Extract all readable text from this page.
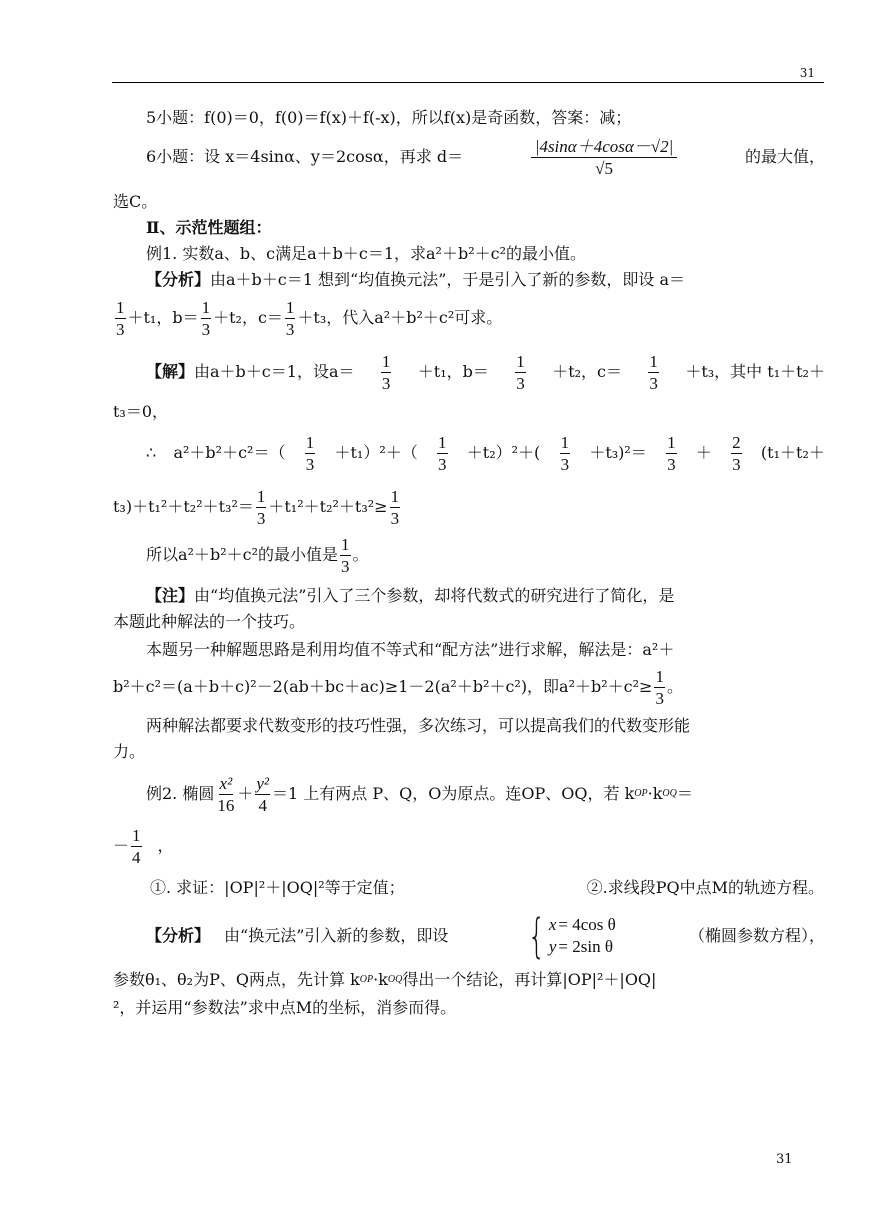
31
5小题：f(0)＝0，f(0)＝f(x)＋f(-x)，所以f(x)是奇函数，答案：减；
6小题：设 x＝4sinα、y＝2cosα，再求 d＝	$\frac{|4\sin\alpha+4\cos\alpha-√2|}{√5}$	的最大值，
选C。
Ⅱ、示范性题组：
例1. 实数a、b、c满足a＋b＋c＝1，求a²＋b²＋c²的最小值。
【分析】由a＋b＋c＝1 想到“均值换元法”，于是引入了新的参数，即设 a＝
$\frac{1}{3} +t_1$，$b= \frac{1}{3} +t_2$，$c= \frac{1}{3} +t_3$，代入a²＋b²＋c²可求。
【解】 由a＋b＋c＝1，设$a= \frac{1}{3} +t_1$，$b= \frac{1}{3} +t_2$，$c= \frac{1}{3} +t_3$，其中 t₁＋t₂＋
t₃＝0，
∴ $a^2+b^2+c^2=( \frac{1}{3} +t_1)^2+( \frac{1}{3} +t_2)^2+( \frac{1}{3} +t_3)^2= \frac{1}{3} + \frac{2}{3} (t_1+t_2+$
$t_3)+t_1^2+t_2^2+t_3^2= \frac{1}{3} +t_1^2+t_2^2+t_3^2\ge \frac{1}{3}$
所以a²＋b²＋c²的最小值是 $\frac{1}{3}$ 。
【注】由“均值换元法”引入了三个参数，却将代数式的研究进行了简化，是
本题此种解法的一个技巧。
本题另一种解题思路是利用均值不等式和“配方法”进行求解，解法是：a²＋
b²＋c²＝(a＋b＋c)²－2(ab＋bc＋ac)≥1－2(a²＋b²＋c²)，即$a^2+b^2+c^2\ge \frac{1}{3}$ 。
两种解法都要求代数变形的技巧性强，多次练习，可以提高我们的代数变形能
力。
例2. 椭圆 $\frac{\text{x²}}{16} + \frac{\text{y²}}{4} =1$ 上有两点 P、Q，O为原点。连OP、OQ，若 k OP ·k OQ ＝
－ $\frac{1}{4}$ ，
①. 求证：|OP|²＋|OQ|²等于定值；	②.求线段PQ中点M的轨迹方程。
【分析】 由“换元法”引入新的参数，即设 { x = 4cos θ
y = 2sin θ
（椭圆参数方程），
参数θ₁、θ₂为P、Q两点，先计算 k OP ·k OQ 得出一个结论，再计算|OP|²＋|OQ|
²，并运用“参数法”求中点M的坐标，消参而得。
31
